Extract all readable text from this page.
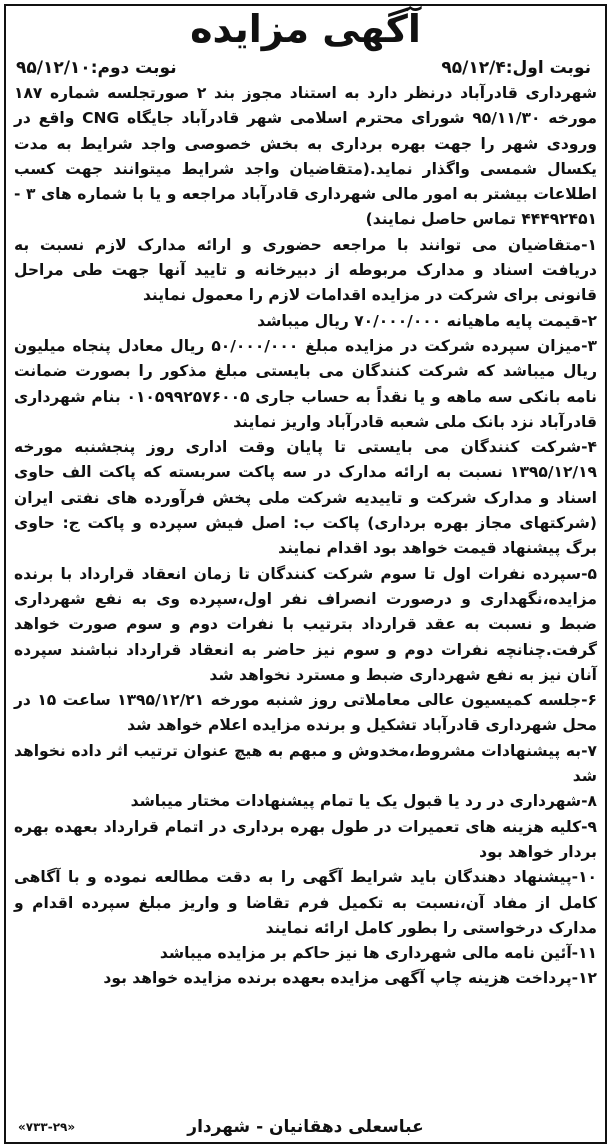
آگهی مزایده
نوبت اول:۹۵/۱۲/۴
نوبت دوم:۹۵/۱۲/۱۰

شهرداری قادرآباد درنظر دارد به استناد مجوز بند ۲ صورتجلسه شماره ۱۸۷ مورخه ۹۵/۱۱/۳۰ شورای محترم اسلامی شهر قادرآباد جایگاه CNG واقع در ورودی شهر را جهت بهره برداری به بخش خصوصی واجد شرایط به مدت یکسال شمسی واگذار نماید.(متقاضیان واجد شرایط میتوانند جهت کسب اطلاعات بیشتر به امور مالی شهرداری قادرآباد مراجعه و یا با شماره های ۳ - ۴۴۴۹۲۴۵۱ تماس حاصل نمایند)

۱-متقاضیان می توانند با مراجعه حضوری و ارائه مدارک لازم نسبت به دریافت اسناد و مدارک مربوطه از دبیرخانه و تایید آنها جهت طی مراحل قانونی برای شرکت در مزایده اقدامات لازم را معمول نمایند

۲-قیمت پایه ماهیانه ۷۰/۰۰۰/۰۰۰ ریال میباشد

۳-میزان سپرده شرکت در مزایده مبلغ ۵۰/۰۰۰/۰۰۰ ریال معادل پنجاه میلیون ریال میباشد که شرکت کنندگان می بایستی مبلغ مذکور را بصورت ضمانت نامه بانکی سه ماهه و یا نقداً به حساب جاری ۰۱۰۵۹۹۲۵۷۶۰۰۵ بنام شهرداری قادرآباد نزد بانک ملی شعبه قادرآباد واریز نمایند

۴-شرکت کنندگان می بایستی تا پایان وقت اداری روز پنجشنبه مورخه ۱۳۹۵/۱۲/۱۹ نسبت به ارائه مدارک در سه پاکت سربسته که پاکت الف حاوی اسناد و مدارک شرکت و تاییدیه شرکت ملی پخش فرآورده های نفتی ایران (شرکتهای مجاز بهره برداری) پاکت ب: اصل فیش سپرده و پاکت ج: حاوی برگ پیشنهاد قیمت خواهد بود اقدام نمایند

۵-سپرده نفرات اول تا سوم شرکت کنندگان تا زمان انعقاد قرارداد با برنده مزایده،نگهداری و درصورت انصراف نفر اول،سپرده وی به نفع شهرداری ضبط و نسبت به عقد قرارداد بترتیب با نفرات دوم و سوم صورت خواهد گرفت.چنانچه نفرات دوم و سوم نیز حاضر به انعقاد قرارداد نباشند سپرده آنان نیز به نفع شهرداری ضبط و مسترد نخواهد شد

۶-جلسه کمیسیون عالی معاملاتی روز شنبه مورخه ۱۳۹۵/۱۲/۲۱ ساعت ۱۵ در محل شهرداری قادرآباد تشکیل و برنده مزایده اعلام خواهد شد

۷-به پیشنهادات مشروط،مخدوش و مبهم به هیچ عنوان ترتیب اثر داده نخواهد شد

۸-شهرداری در رد یا قبول یک یا تمام پیشنهادات مختار میباشد

۹-کلیه هزینه های تعمیرات در طول بهره برداری در اتمام قرارداد بعهده بهره بردار خواهد بود

۱۰-پیشنهاد دهندگان باید شرایط آگهی را به دقت مطالعه نموده و با آگاهی کامل از مفاد آن،نسبت به تکمیل فرم تقاضا و واریز مبلغ سپرده اقدام و مدارک درخواستی را بطور کامل ارائه نمایند

۱۱-آئین نامه مالی شهرداری ها نیز حاکم بر مزایده میباشد

۱۲-پرداخت هزینه چاپ آگهی مزایده بعهده برنده مزایده خواهد بود

عباسعلی دهقانیان - شهردار
«۷۳۳-۲۹»
